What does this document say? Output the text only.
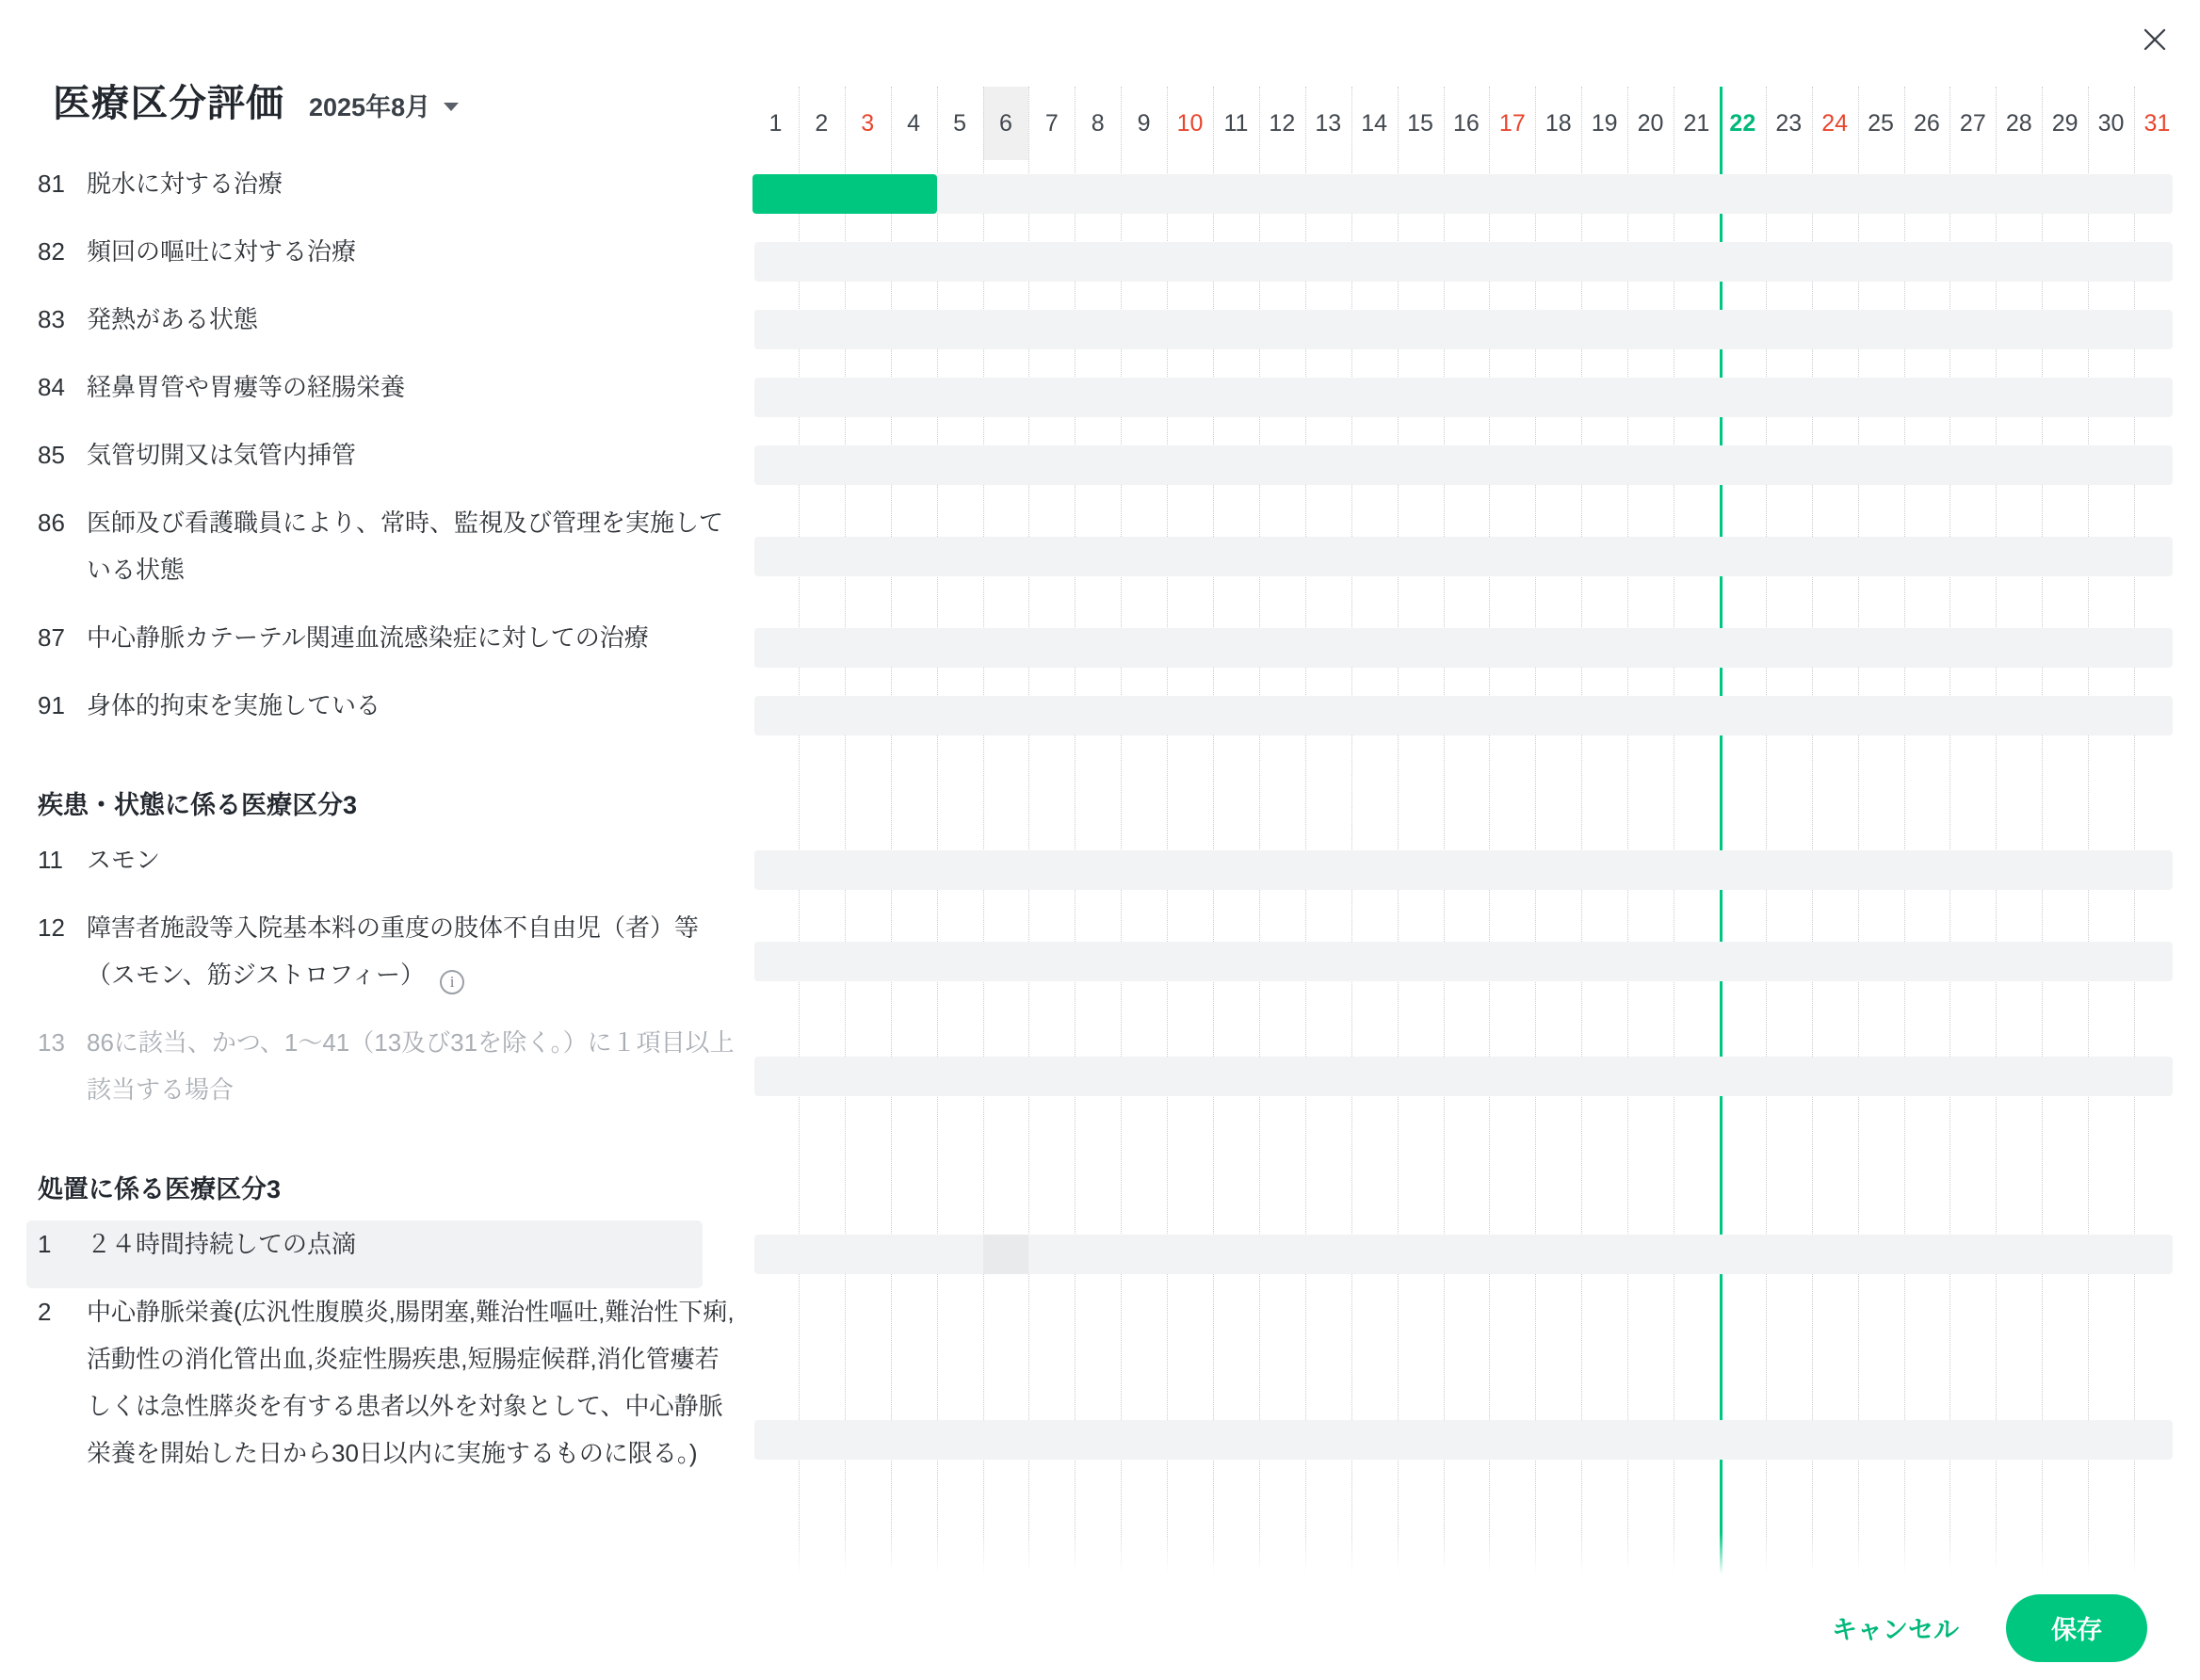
医療区分評価 2025年8月
81 脱水に対する治療
82 頻回の嘔吐に対する治療
83 発熱がある状態
84 経鼻胃管や胃瘻等の経腸栄養
85 気管切開又は気管内挿管
86 医師及び看護職員により、常時、監視及び管理を実施している状態
87 中心静脈カテーテル関連血流感染症に対しての治療
91 身体的拘束を実施している
疾患・状態に係る医療区分3
11 スモン
12 障害者施設等入院基本料の重度の肢体不自由児（者）等（スモン、筋ジストロフィー） i
13 86に該当、かつ、1〜41（13及び31を除く。）に１項目以上該当する場合
処置に係る医療区分3
1	２４時間持続しての点滴
2	中心静脈栄養(広汎性腹膜炎,腸閉塞,難治性嘔吐,難治性下痢,活動性の消化管出血,炎症性腸疾患,短腸症候群,消化管瘻若しくは急性膵炎を有する患者以外を対象として、中心静脈栄養を開始した日から30日以内に実施するものに限る。)
1 2 3 4 5 6 7 8 9 10 11 12 13 14 15 16 17 18 19 20 21 22 23 24 25 26 27 28 29 30 31
キャンセル	保存
